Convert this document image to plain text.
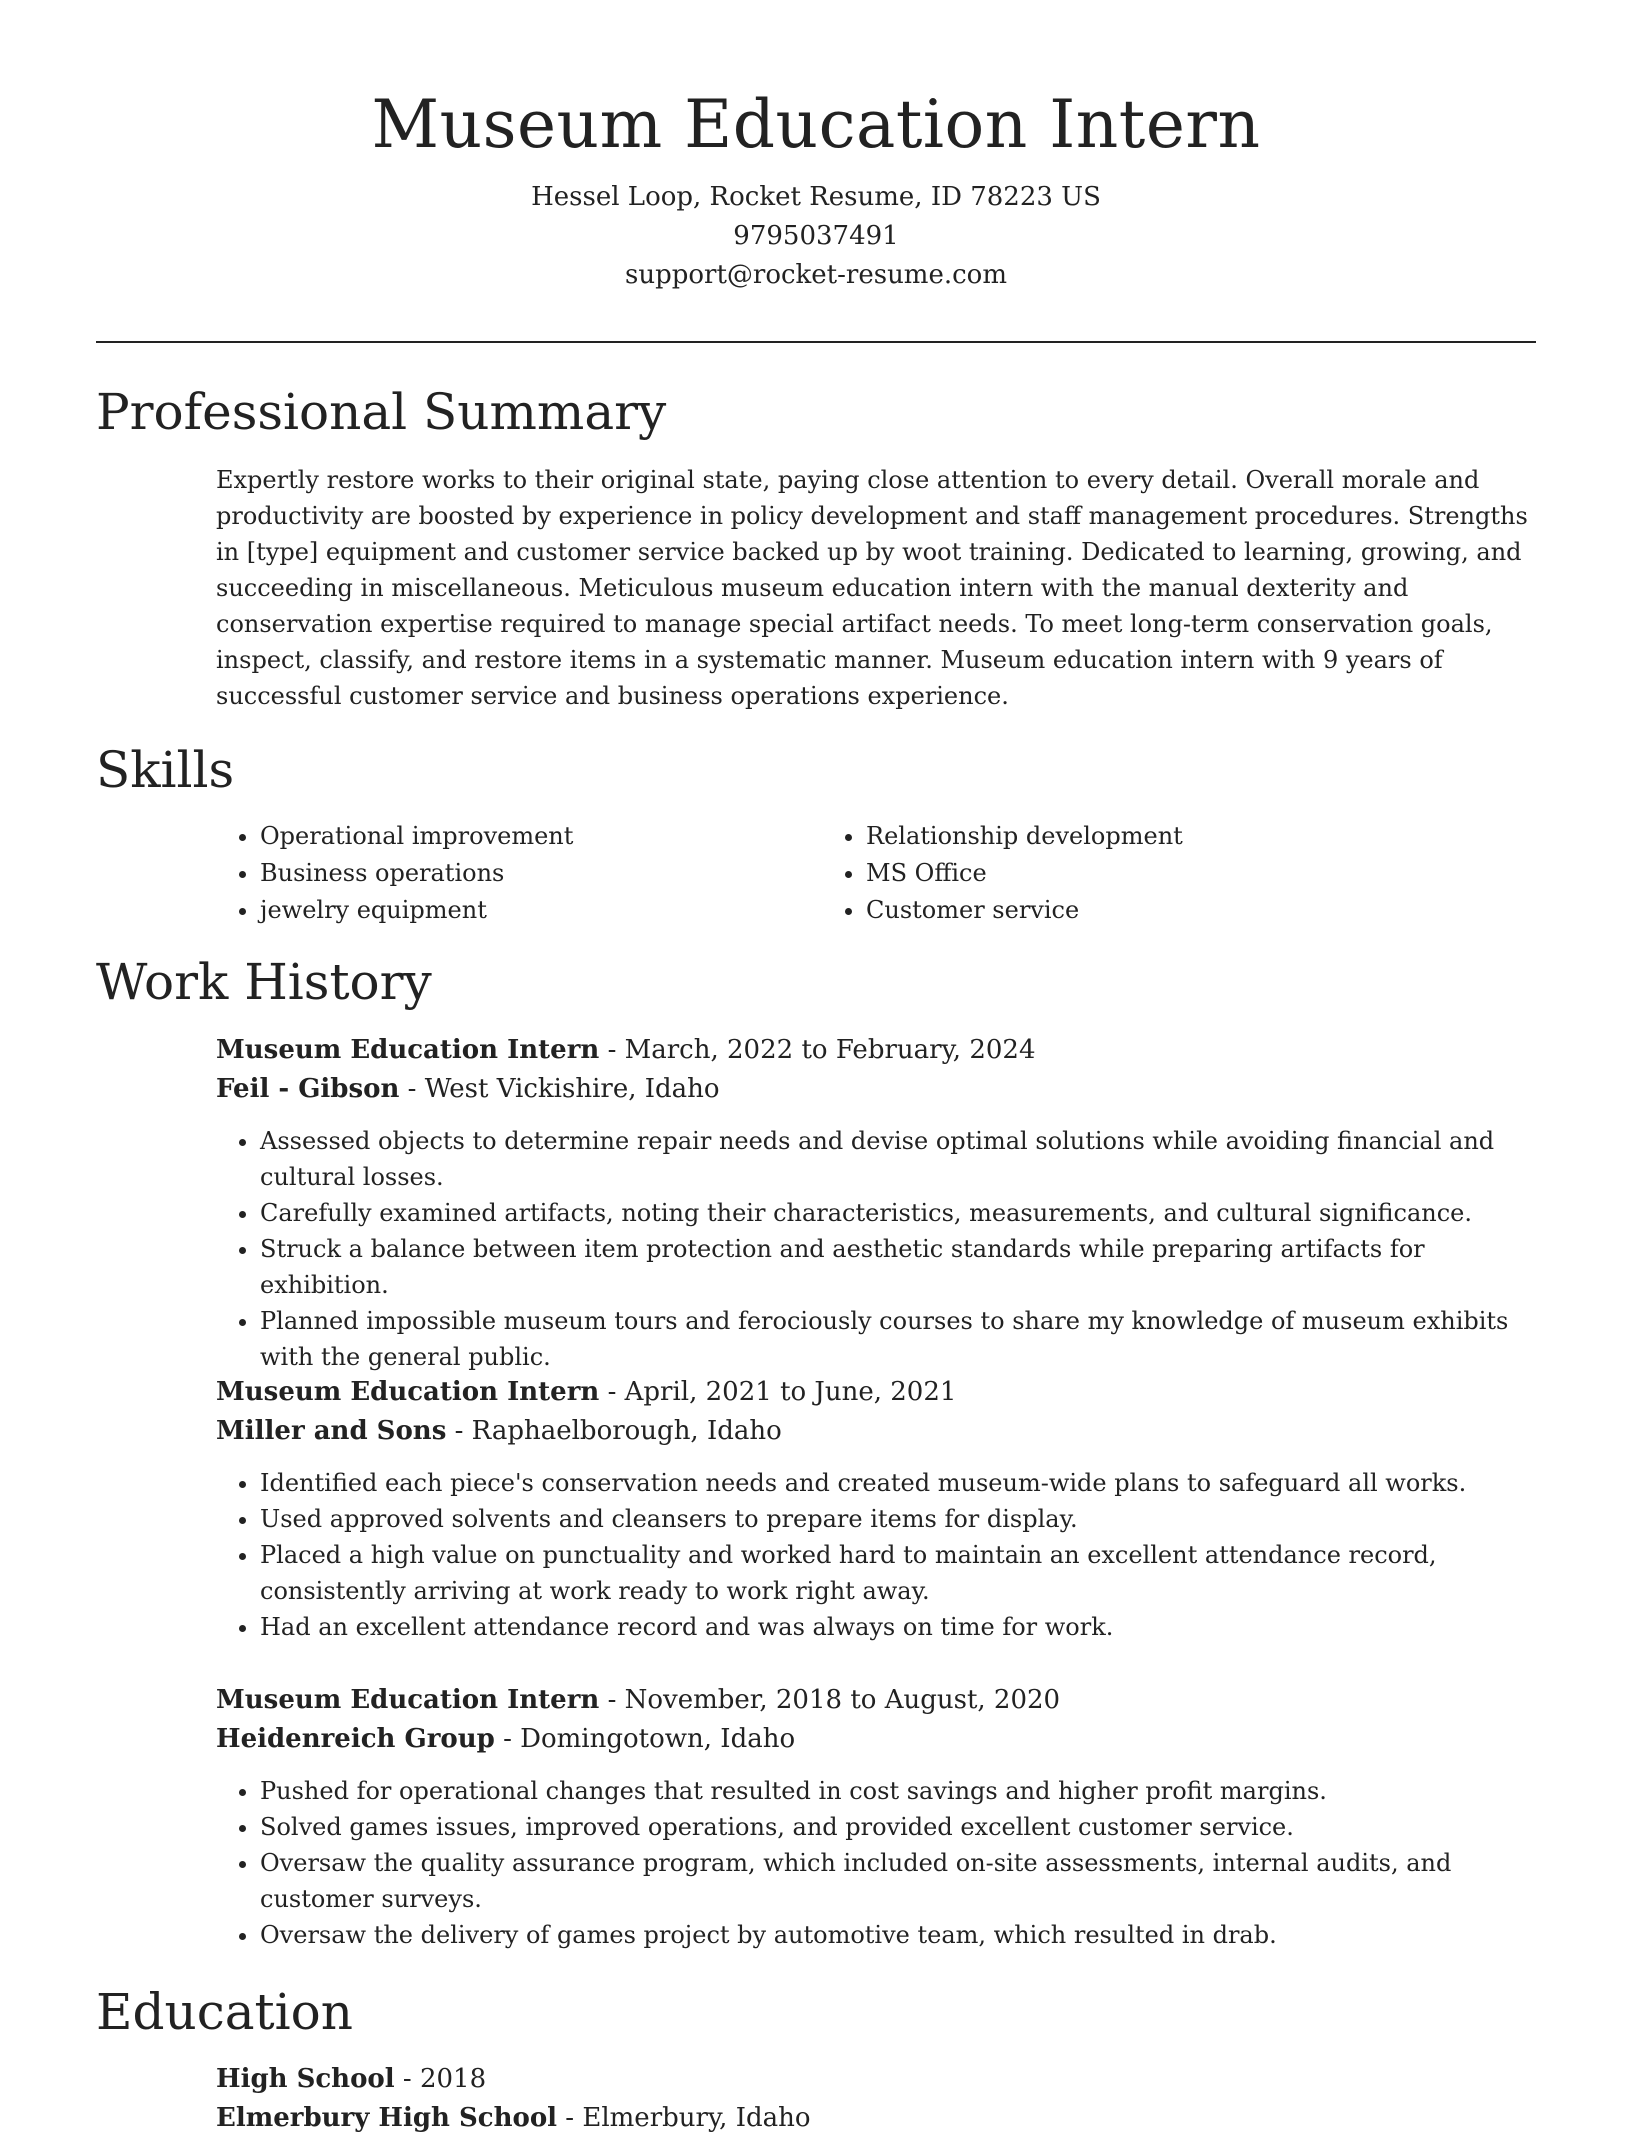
Museum Education Intern
Hessel Loop, Rocket Resume, ID 78223 US
9795037491
support@rocket-resume.com
Professional Summary

Expertly restore works to their original state, paying close attention to every detail. Overall morale and productivity are boosted by experience in policy development and staff management procedures. Strengths in [type] equipment and customer service backed up by woot training. Dedicated to learning, growing, and succeeding in miscellaneous. Meticulous museum education intern with the manual dexterity and conservation expertise required to manage special artifact needs. To meet long-term conservation goals, inspect, classify, and restore items in a systematic manner. Museum education intern with 9 years of successful customer service and business operations experience.

Skills
• Operational improvement
• Business operations
• jewelry equipment
• Relationship development
• MS Office
• Customer service
Work History
Museum Education Intern - March, 2022 to February, 2024
Feil - Gibson - West Vickishire, Idaho
• Assessed objects to determine repair needs and devise optimal solutions while avoiding financial and cultural losses.
• Carefully examined artifacts, noting their characteristics, measurements, and cultural significance.
• Struck a balance between item protection and aesthetic standards while preparing artifacts for exhibition.
• Planned impossible museum tours and ferociously courses to share my knowledge of museum exhibits with the general public.
Museum Education Intern - April, 2021 to June, 2021
Miller and Sons - Raphaelborough, Idaho
• Identified each piece's conservation needs and created museum-wide plans to safeguard all works.
• Used approved solvents and cleansers to prepare items for display.
• Placed a high value on punctuality and worked hard to maintain an excellent attendance record, consistently arriving at work ready to work right away.
• Had an excellent attendance record and was always on time for work.
Museum Education Intern - November, 2018 to August, 2020
Heidenreich Group - Domingotown, Idaho
• Pushed for operational changes that resulted in cost savings and higher profit margins.
• Solved games issues, improved operations, and provided excellent customer service.
• Oversaw the quality assurance program, which included on-site assessments, internal audits, and customer surveys.
• Oversaw the delivery of games project by automotive team, which resulted in drab.
Education
High School - 2018
Elmerbury High School - Elmerbury, Idaho
